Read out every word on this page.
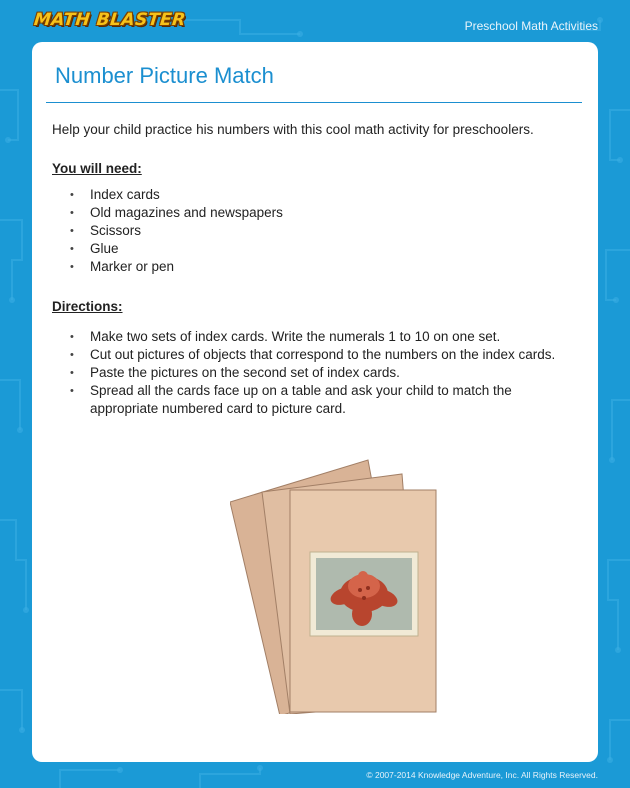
MATH BLASTER	Preschool Math Activities
Number Picture Match

Help your child practice his numbers with this cool math activity for preschoolers.

You will need:

• Index cards
• Old magazines and newspapers
• Scissors
• Glue
• Marker or pen

Directions:

• Make two sets of index cards. Write the numerals 1 to 10 on one set.
• Cut out pictures of objects that correspond to the numbers on the index cards.
• Paste the pictures on the second set of index cards.
• Spread all the cards face up on a table and ask your child to match the appropriate numbered card to picture card.
© 2007-2014 Knowledge Adventure, Inc. All Rights Reserved.
